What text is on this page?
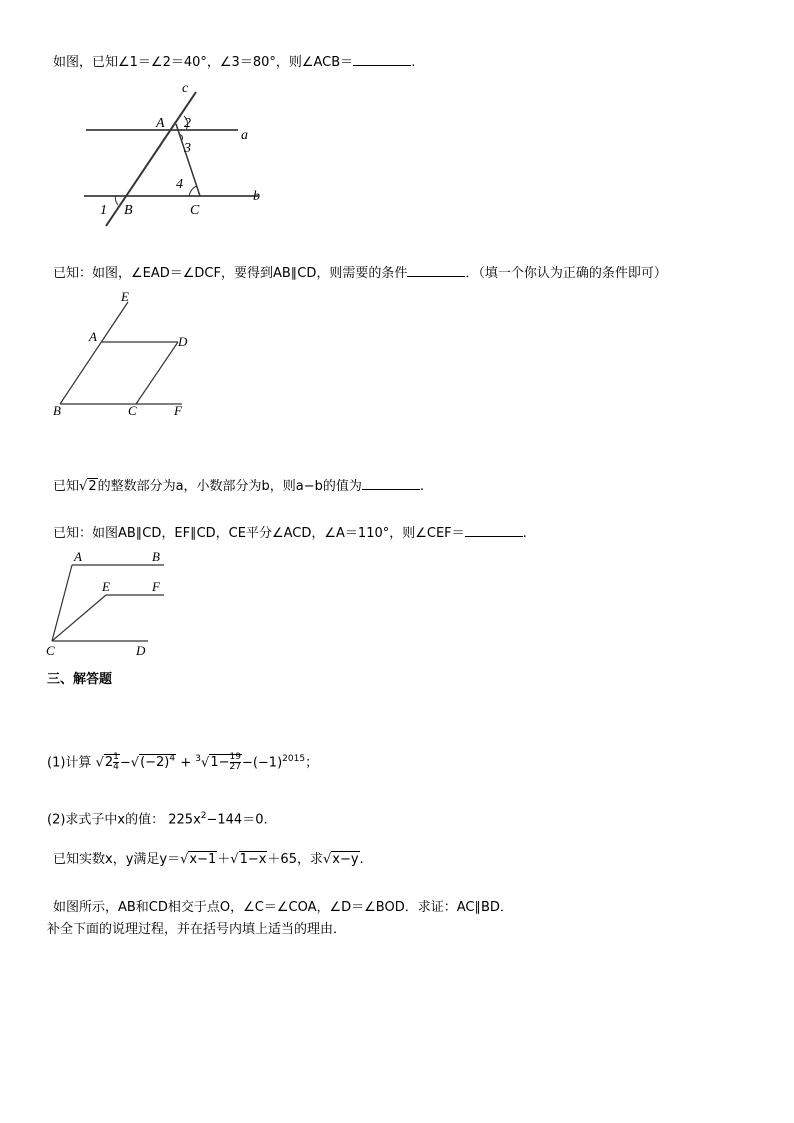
如图，已知∠1＝∠2＝40°，∠3＝80°，则∠ACB＝	.
c
A 2
a
3
4
b
1 B	C
已知：如图，∠EAD＝∠DCF，要得到AB∥CD，则需要的条件	．（填一个你认为正确的条件即可）
E
A	D
B	C	F
已知√2的整数部分为a，小数部分为b，则a−b的值为	.
已知：如图AB∥CD，EF∥CD，CE平分∠ACD，∠A＝110°，则∠CEF＝	.
A	B
E	F
C	D
三、解答题
(1)计算 $√2 \frac{1}{4} -√(-2)^4 + ^3√1- \frac{19}{27} -(-1)^{2015}$；
(2)求式子中x的值： $225x^2-144=0$.
已知实数x，y满足y＝√x−1＋√1−x＋65，求√x−y.
如图所示，AB和CD相交于点O，∠C＝∠COA，∠D＝∠BOD．求证：AC∥BD．
补全下面的说理过程，并在括号内填上适当的理由．
